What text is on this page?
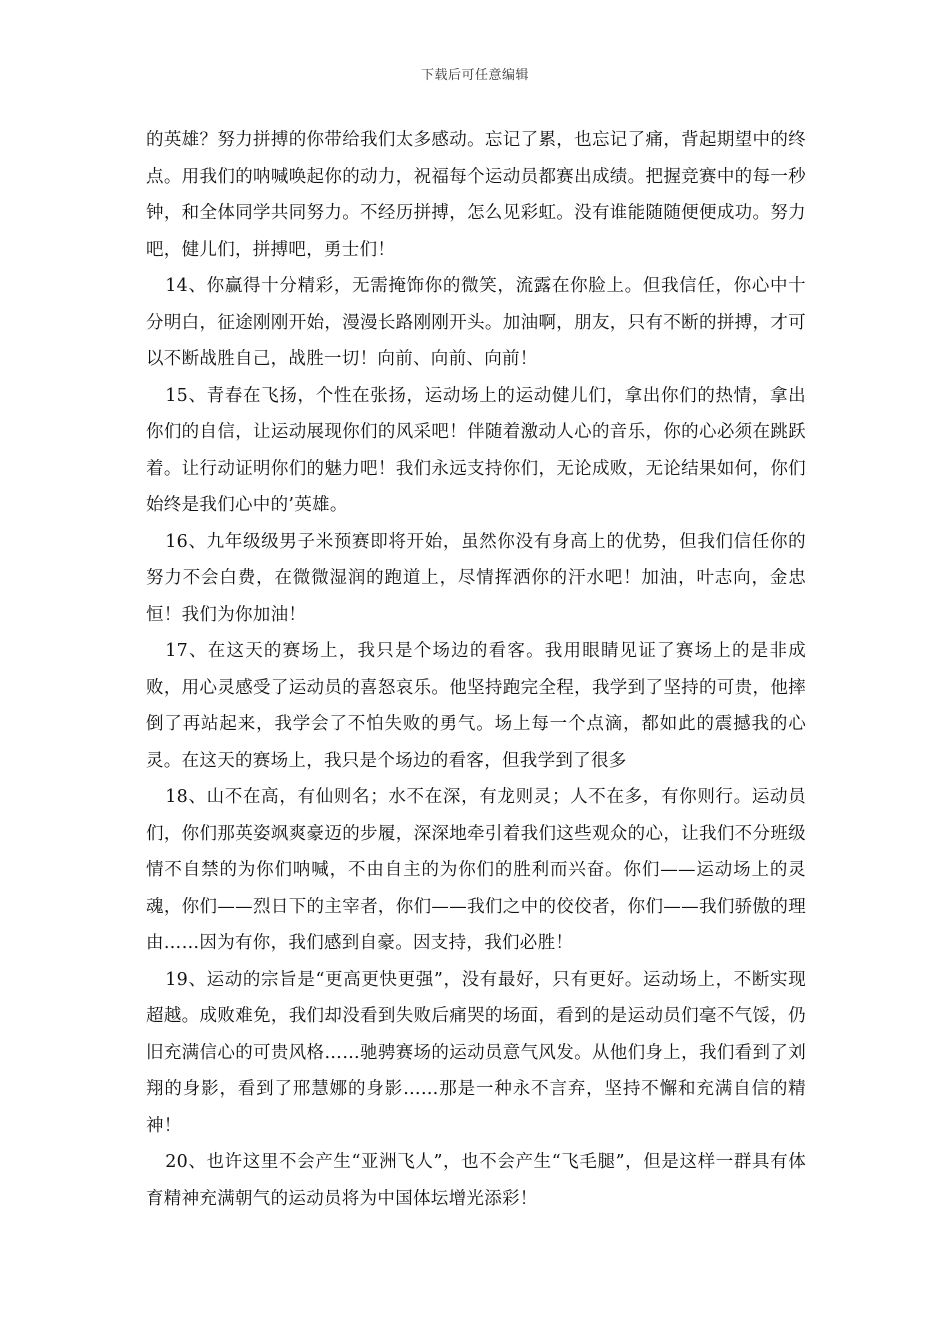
下载后可任意编辑

的英雄？努力拼搏的你带给我们太多感动。忘记了累，也忘记了痛，背起期望中的终点。用我们的呐喊唤起你的动力，祝福每个运动员都赛出成绩。把握竞赛中的每一秒钟，和全体同学共同努力。不经历拼搏，怎么见彩虹。没有谁能随随便便成功。努力吧，健儿们，拼搏吧，勇士们！

14、你赢得十分精彩，无需掩饰你的微笑，流露在你脸上。但我信任，你心中十分明白，征途刚刚开始，漫漫长路刚刚开头。加油啊，朋友，只有不断的拼搏，才可以不断战胜自己，战胜一切！向前、向前、向前！

15、青春在飞扬，个性在张扬，运动场上的运动健儿们，拿出你们的热情，拿出你们的自信，让运动展现你们的风采吧！伴随着激动人心的音乐，你的心必须在跳跃着。让行动证明你们的魅力吧！我们永远支持你们，无论成败，无论结果如何，你们始终是我们心中的’英雄。

16、九年级级男子米预赛即将开始，虽然你没有身高上的优势，但我们信任你的努力不会白费，在微微湿润的跑道上，尽情挥洒你的汗水吧！加油，叶志向，金忠恒！我们为你加油！

17、在这天的赛场上，我只是个场边的看客。我用眼睛见证了赛场上的是非成败，用心灵感受了运动员的喜怒哀乐。他坚持跑完全程，我学到了坚持的可贵，他摔倒了再站起来，我学会了不怕失败的勇气。场上每一个点滴，都如此的震撼我的心灵。在这天的赛场上，我只是个场边的看客，但我学到了很多

18、山不在高，有仙则名；水不在深，有龙则灵；人不在多，有你则行。运动员们，你们那英姿飒爽豪迈的步履，深深地牵引着我们这些观众的心，让我们不分班级情不自禁的为你们呐喊，不由自主的为你们的胜利而兴奋。你们——运动场上的灵魂，你们——烈日下的主宰者，你们——我们之中的佼佼者，你们——我们骄傲的理由……因为有你，我们感到自豪。因支持，我们必胜！

19、运动的宗旨是“更高更快更强”，没有最好，只有更好。运动场上，不断实现超越。成败难免，我们却没看到失败后痛哭的场面，看到的是运动员们毫不气馁，仍旧充满信心的可贵风格……驰骋赛场的运动员意气风发。从他们身上，我们看到了刘翔的身影，看到了邢慧娜的身影……那是一种永不言弃，坚持不懈和充满自信的精神！

20、也许这里不会产生“亚洲飞人”，也不会产生“飞毛腿”，但是这样一群具有体育精神充满朝气的运动员将为中国体坛增光添彩！
